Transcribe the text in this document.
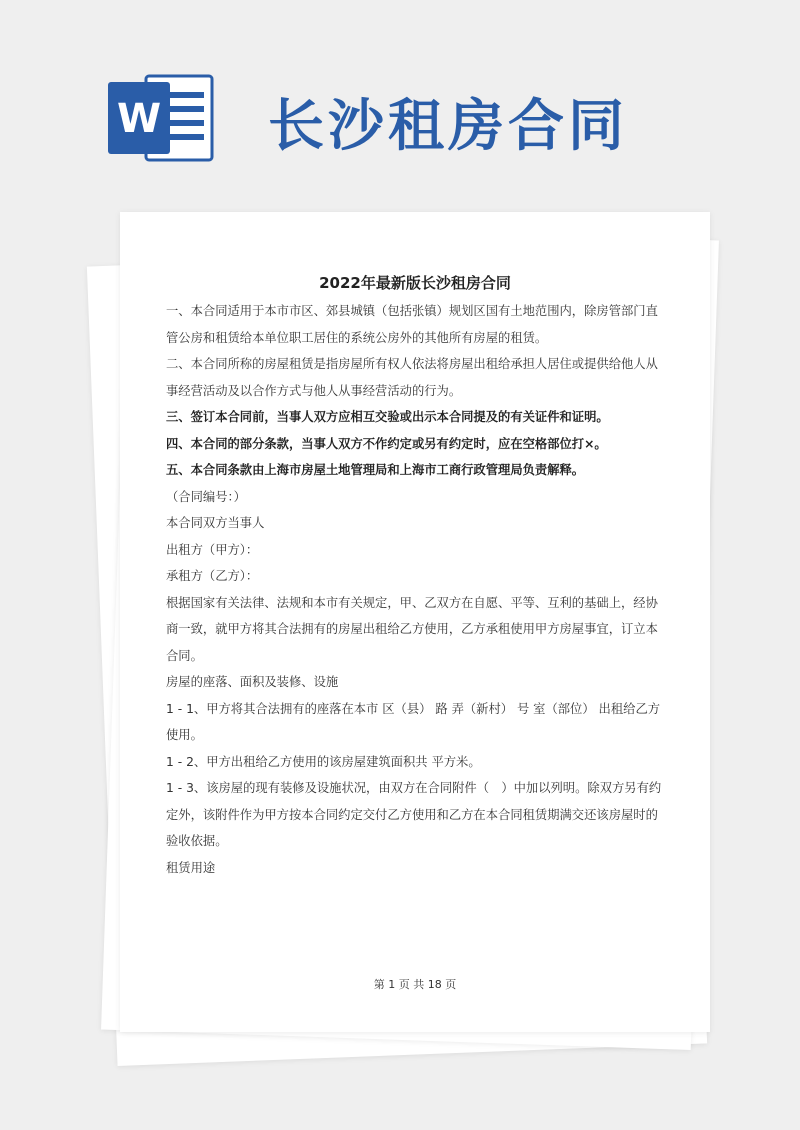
W 长沙租房合同
2022年最新版长沙租房合同

一、本合同适用于本市市区、郊县城镇（包括张镇）规划区国有土地范围内，除房管部门直管公房和租赁给本单位职工居住的系统公房外的其他所有房屋的租赁。

二、本合同所称的房屋租赁是指房屋所有权人依法将房屋出租给承担人居住或提供给他人从事经营活动及以合作方式与他人从事经营活动的行为。

三、签订本合同前，当事人双方应相互交验或出示本合同提及的有关证件和证明。

四、本合同的部分条款，当事人双方不作约定或另有约定时，应在空格部位打×。

五、本合同条款由上海市房屋土地管理局和上海市工商行政管理局负责解释。

（合同编号：）

本合同双方当事人

出租方（甲方）：

承租方（乙方）：

根据国家有关法律、法规和本市有关规定，甲、乙双方在自愿、平等、互利的基础上，经协商一致，就甲方将其合法拥有的房屋出租给乙方使用，乙方承租使用甲方房屋事宜，订立本合同。

房屋的座落、面积及装修、设施

1 - 1、甲方将其合法拥有的座落在本市 区（县） 路 弄（新村） 号 室（部位） 出租给乙方使用。

1 - 2、甲方出租给乙方使用的该房屋建筑面积共 平方米。

1 - 3、该房屋的现有装修及设施状况，由双方在合同附件（　）中加以列明。除双方另有约定外，该附件作为甲方按本合同约定交付乙方使用和乙方在本合同租赁期满交还该房屋时的验收依据。

租赁用途

第 1 页 共 18 页
